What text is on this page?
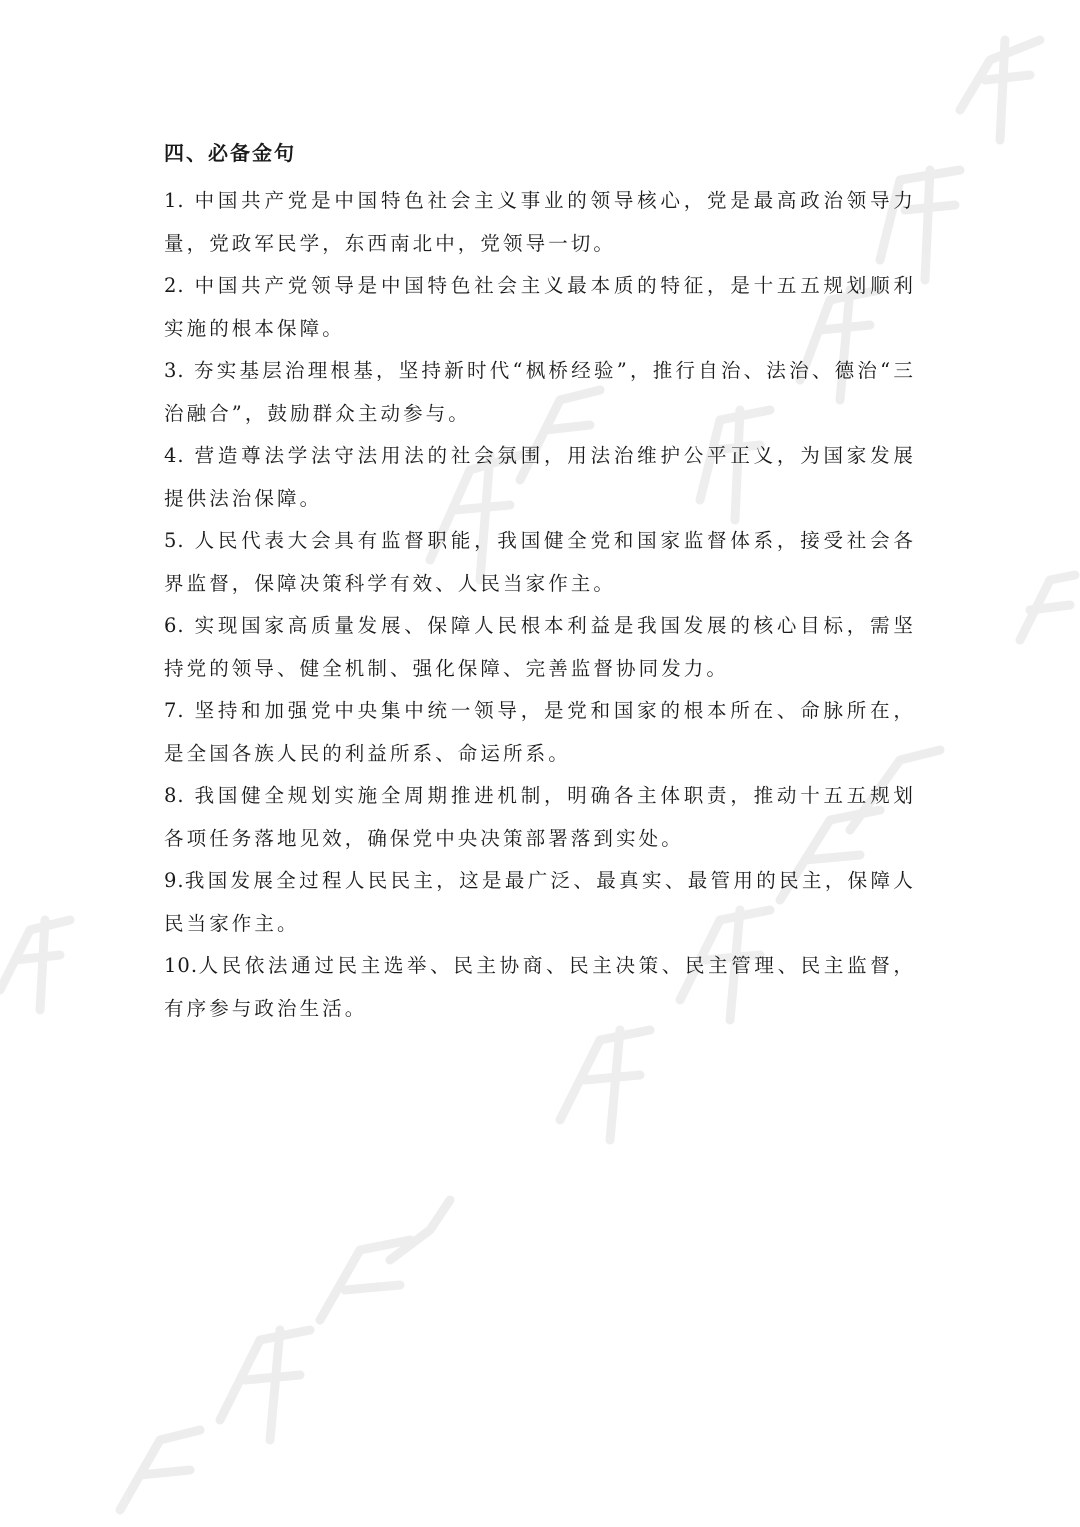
四、必备金句

1. 中国共产党是中国特色社会主义事业的领导核心，党是最高政治领导力量，党政军民学，东西南北中，党领导一切。

2. 中国共产党领导是中国特色社会主义最本质的特征，是十五五规划顺利实施的根本保障。

3. 夯实基层治理根基，坚持新时代“枫桥经验”，推行自治、法治、德治“三治融合”，鼓励群众主动参与。

4. 营造尊法学法守法用法的社会氛围，用法治维护公平正义，为国家发展提供法治保障。

5. 人民代表大会具有监督职能，我国健全党和国家监督体系，接受社会各界监督，保障决策科学有效、人民当家作主。

6. 实现国家高质量发展、保障人民根本利益是我国发展的核心目标，需坚持党的领导、健全机制、强化保障、完善监督协同发力。

7. 坚持和加强党中央集中统一领导，是党和国家的根本所在、命脉所在，是全国各族人民的利益所系、命运所系。

8. 我国健全规划实施全周期推进机制，明确各主体职责，推动十五五规划各项任务落地见效，确保党中央决策部署落到实处。

9.我国发展全过程人民民主，这是最广泛、最真实、最管用的民主，保障人民当家作主。

10.人民依法通过民主选举、民主协商、民主决策、民主管理、民主监督，有序参与政治生活。
